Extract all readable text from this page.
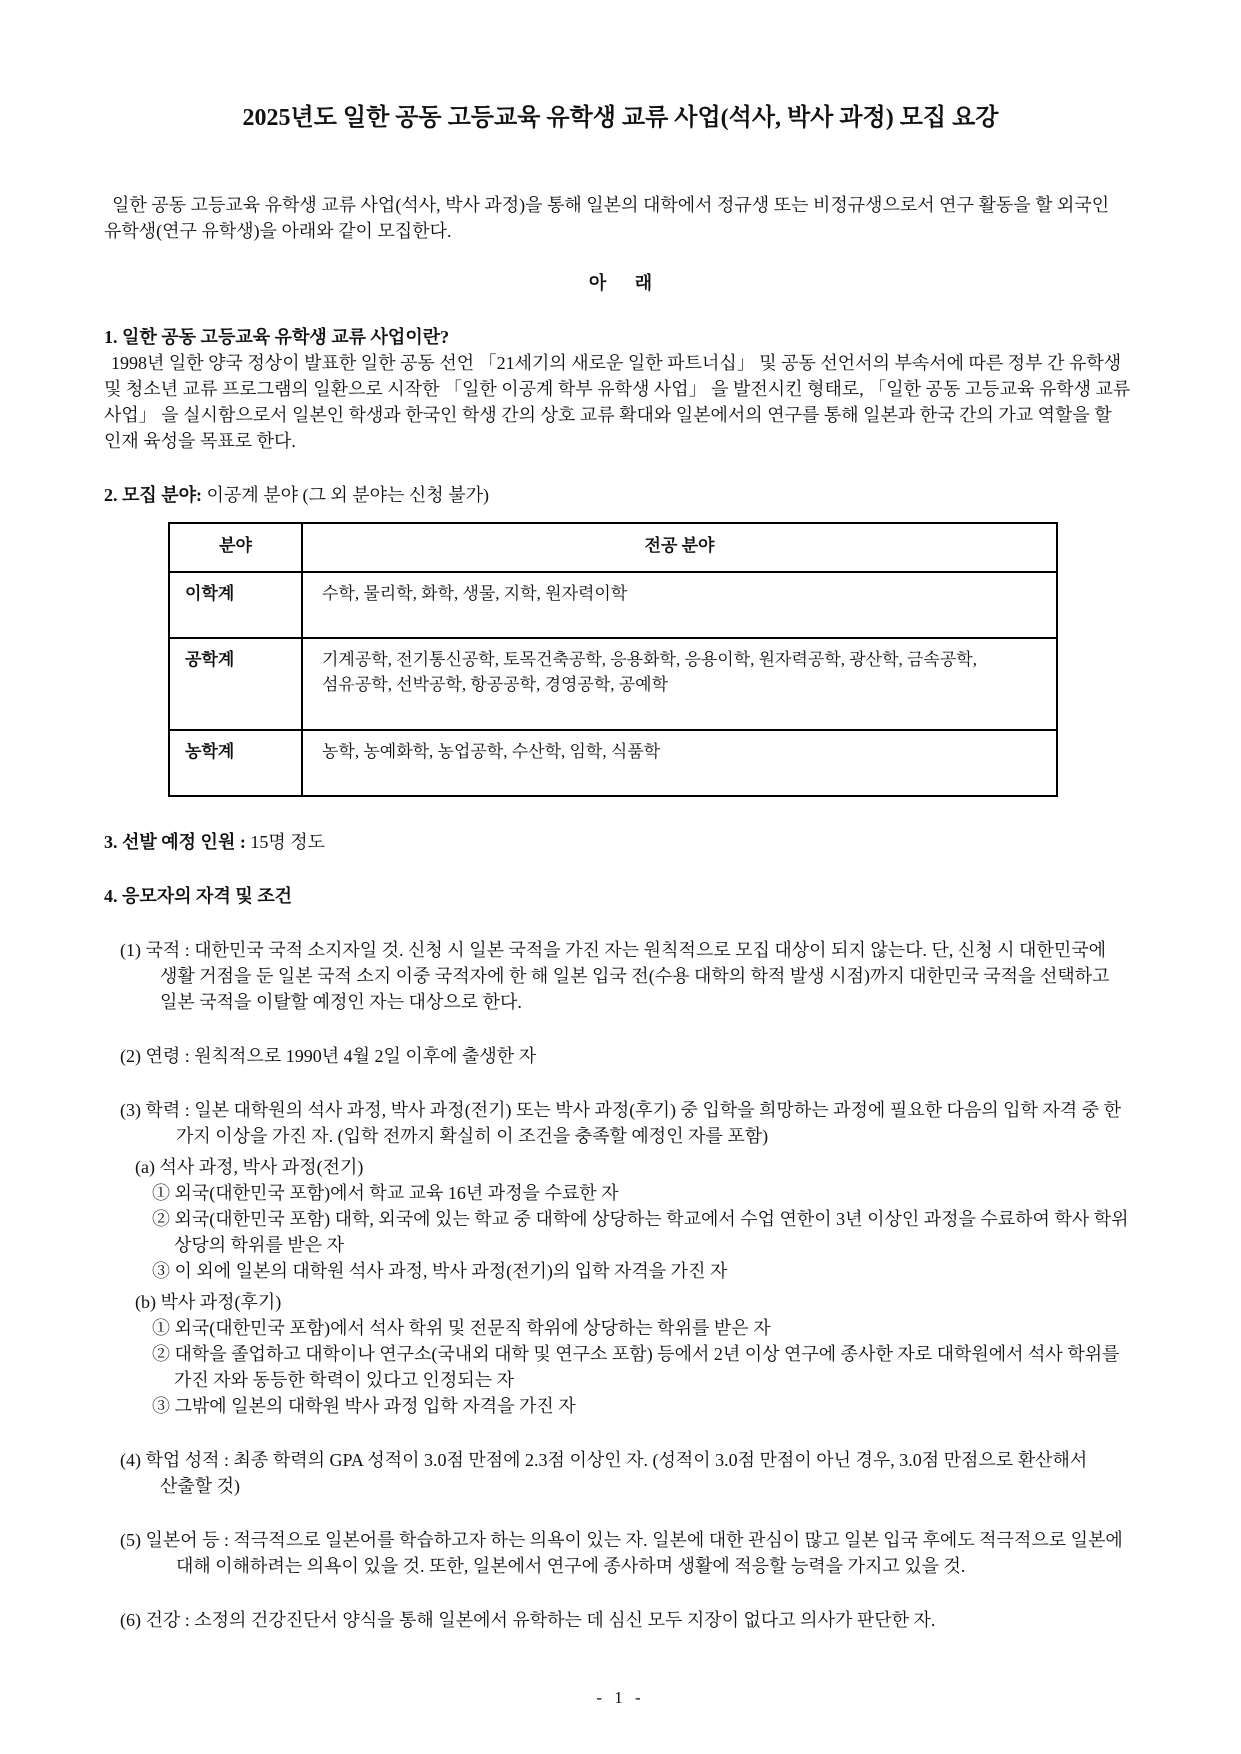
2025년도 일한 공동 고등교육 유학생 교류 사업(석사, 박사 과정) 모집 요강

일한 공동 고등교육 유학생 교류 사업(석사, 박사 과정)을 통해 일본의 대학에서 정규생 또는 비정규생으로서 연구 활동을 할 외국인 유학생(연구 유학생)을 아래와 같이 모집한다.

아 래
1. 일한 공동 고등교육 유학생 교류 사업이란?
1998년 일한 양국 정상이 발표한 일한 공동 선언 「21세기의 새로운 일한 파트너십」 및 공동 선언서의 부속서에 따른 정부 간 유학생 및 청소년 교류 프로그램의 일환으로 시작한 「일한 이공계 학부 유학생 사업」 을 발전시킨 형태로, 「일한 공동 고등교육 유학생 교류 사업」 을 실시함으로서 일본인 학생과 한국인 학생 간의 상호 교류 확대와 일본에서의 연구를 통해 일본과 한국 간의 가교 역할을 할 인재 육성을 목표로 한다.
2. 모집 분야: 이공계 분야 (그 외 분야는 신청 불가)
분야	전공 분야
이학계	수학, 물리학, 화학, 생물, 지학, 원자력이학
공학계	기계공학, 전기통신공학, 토목건축공학, 응용화학, 응용이학, 원자력공학, 광산학, 금속공학, 섬유공학, 선박공학, 항공공학, 경영공학, 공예학
농학계	농학, 농예화학, 농업공학, 수산학, 임학, 식품학
3. 선발 예정 인원 : 15명 정도
4. 응모자의 자격 및 조건
(1) 국적 : 대한민국 국적 소지자일 것. 신청 시 일본 국적을 가진 자는 원칙적으로 모집 대상이 되지 않는다. 단, 신청 시 대한민국에 생활 거점을 둔 일본 국적 소지 이중 국적자에 한 해 일본 입국 전(수용 대학의 학적 발생 시점)까지 대한민국 국적을 선택하고 일본 국적을 이탈할 예정인 자는 대상으로 한다.
(2) 연령 : 원칙적으로 1990년 4월 2일 이후에 출생한 자
(3) 학력 : 일본 대학원의 석사 과정, 박사 과정(전기) 또는 박사 과정(후기) 중 입학을 희망하는 과정에 필요한 다음의 입학 자격 중 한 가지 이상을 가진 자. (입학 전까지 확실히 이 조건을 충족할 예정인 자를 포함)
(a) 석사 과정, 박사 과정(전기)
① 외국(대한민국 포함)에서 학교 교육 16년 과정을 수료한 자
② 외국(대한민국 포함) 대학, 외국에 있는 학교 중 대학에 상당하는 학교에서 수업 연한이 3년 이상인 과정을 수료하여 학사 학위 상당의 학위를 받은 자
③ 이 외에 일본의 대학원 석사 과정, 박사 과정(전기)의 입학 자격을 가진 자
(b) 박사 과정(후기)
① 외국(대한민국 포함)에서 석사 학위 및 전문직 학위에 상당하는 학위를 받은 자
② 대학을 졸업하고 대학이나 연구소(국내외 대학 및 연구소 포함) 등에서 2년 이상 연구에 종사한 자로 대학원에서 석사 학위를 가진 자와 동등한 학력이 있다고 인정되는 자
③ 그밖에 일본의 대학원 박사 과정 입학 자격을 가진 자
(4) 학업 성적 : 최종 학력의 GPA 성적이 3.0점 만점에 2.3점 이상인 자. (성적이 3.0점 만점이 아닌 경우, 3.0점 만점으로 환산해서 산출할 것)
(5) 일본어 등 : 적극적으로 일본어를 학습하고자 하는 의욕이 있는 자. 일본에 대한 관심이 많고 일본 입국 후에도 적극적으로 일본에 대해 이해하려는 의욕이 있을 것. 또한, 일본에서 연구에 종사하며 생활에 적응할 능력을 가지고 있을 것.
(6) 건강 : 소정의 건강진단서 양식을 통해 일본에서 유학하는 데 심신 모두 지장이 없다고 의사가 판단한 자.
- 1 -
